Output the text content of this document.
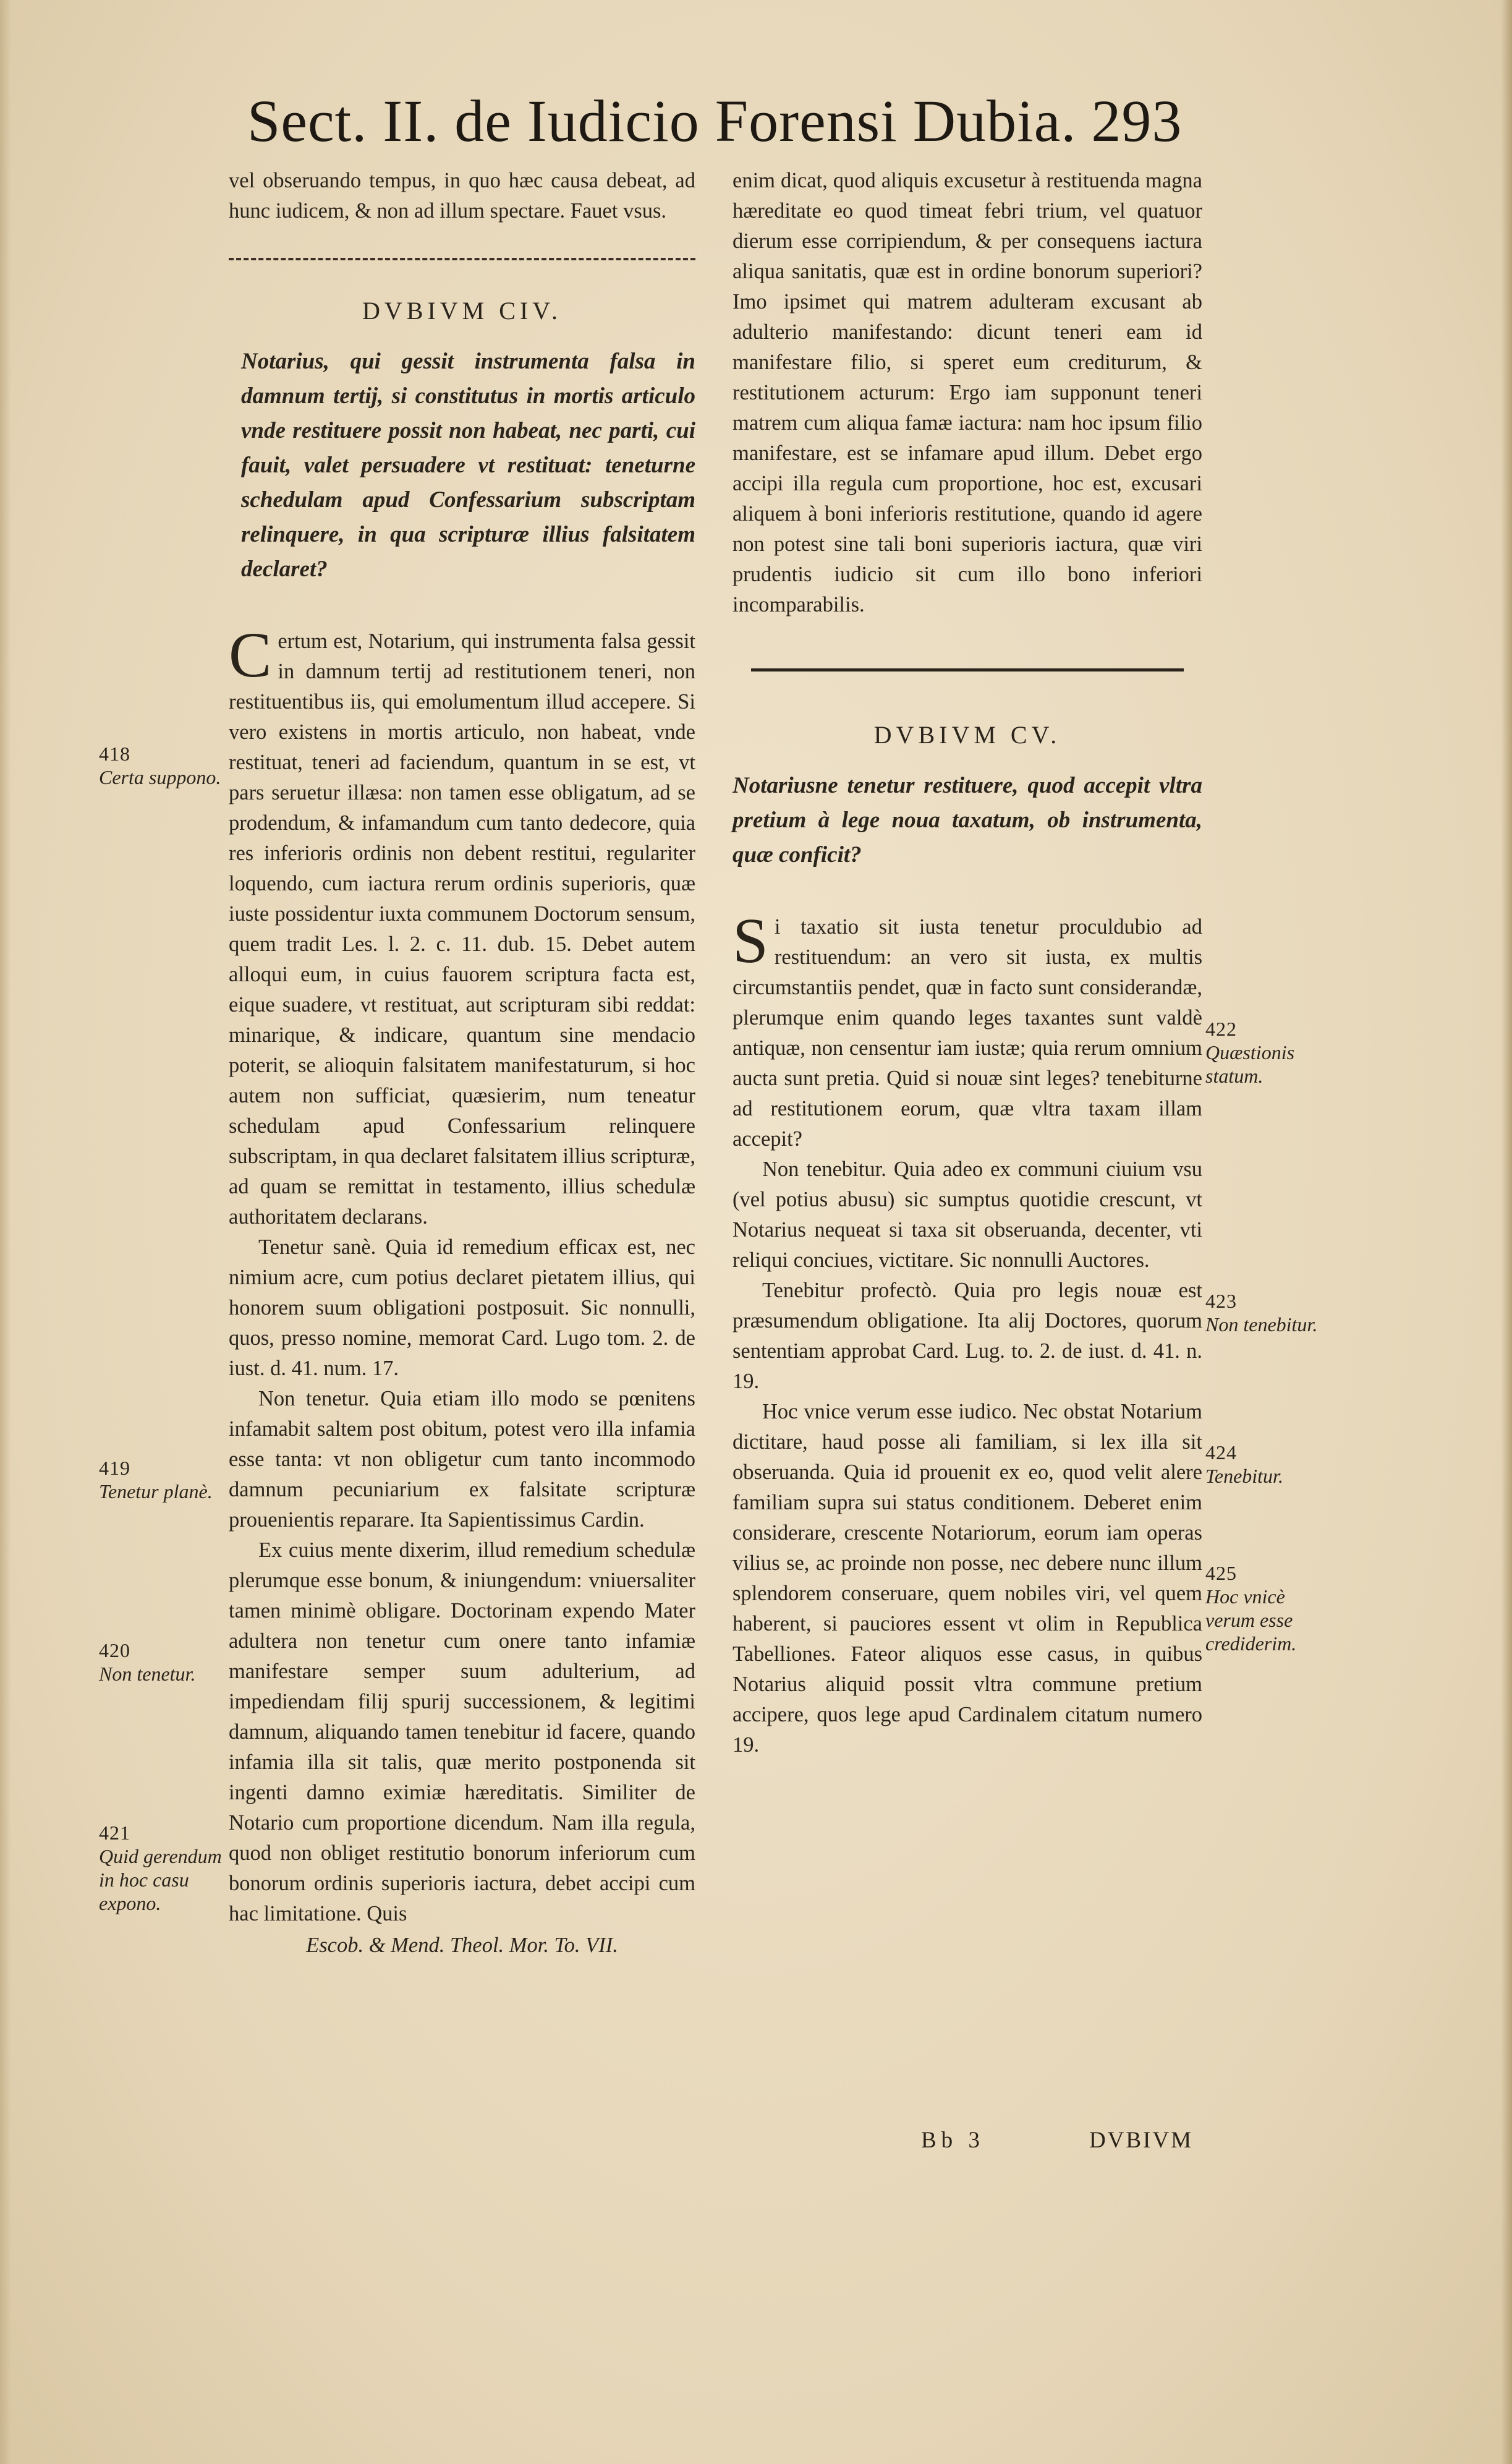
Sect. II. de Iudicio Forensi Dubia. 293

vel obseruando tempus, in quo hæc causa debeat, ad hunc iudicem, & non ad illum spectare. Fauet vsus.

DVBIVM CIV.

Notarius, qui gessit instrumenta falsa in damnum tertij, si constitutus in mortis articulo vnde restituere possit non habeat, nec parti, cui fauit, valet persuadere vt restituat: teneturne schedulam apud Confessarium subscriptam relinquere, in qua scripturæ illius falsitatem declaret?

Certum est, Notarium, qui instrumenta falsa gessit in damnum tertij ad restitutionem teneri, non restituentibus iis, qui emolumentum illud accepere. Si vero existens in mortis articulo, non habeat, vnde restituat, teneri ad faciendum, quantum in se est, vt pars seruetur illæsa: non tamen esse obligatum, ad se prodendum, & infamandum cum tanto dedecore, quia res inferioris ordinis non debent restitui, regulariter loquendo, cum iactura rerum ordinis superioris, quæ iuste possidentur iuxta communem Doctorum sensum, quem tradit Les. l. 2. c. 11. dub. 15. Debet autem alloqui eum, in cuius fauorem scriptura facta est, eique suadere, vt restituat, aut scripturam sibi reddat: minarique, & indicare, quantum sine mendacio poterit, se alioquin falsitatem manifestaturum, si hoc autem non sufficiat, quæsierim, num teneatur schedulam apud Confessarium relinquere subscriptam, in qua declaret falsitatem illius scripturæ, ad quam se remittat in testamento, illius schedulæ authoritatem declarans.

Tenetur sanè. Quia id remedium efficax est, nec nimium acre, cum potius declaret pietatem illius, qui honorem suum obligationi postposuit. Sic nonnulli, quos, presso nomine, memorat Card. Lugo tom. 2. de iust. d. 41. num. 17.

Non tenetur. Quia etiam illo modo se pœnitens infamabit saltem post obitum, potest vero illa infamia esse tanta: vt non obligetur cum tanto incommodo damnum pecuniarium ex falsitate scripturæ prouenientis reparare. Ita Sapientissimus Cardin.

Ex cuius mente dixerim, illud remedium schedulæ plerumque esse bonum, & iniungendum: vniuersaliter tamen minimè obligare. Doctorinam expendo Mater adultera non tenetur cum onere tanto infamiæ manifestare semper suum adulterium, ad impediendam filij spurij successionem, & legitimi damnum, aliquando tamen tenebitur id facere, quando infamia illa sit talis, quæ merito postponenda sit ingenti damno eximiæ hæreditatis. Similiter de Notario cum proportione dicendum. Nam illa regula, quod non obliget restitutio bonorum inferiorum cum bonorum ordinis superioris iactura, debet accipi cum hac limitatione. Quis

Escob. & Mend. Theol. Mor. To. VII.

enim dicat, quod aliquis excusetur à restituenda magna hæreditate eo quod timeat febri trium, vel quatuor dierum esse corripiendum, & per consequens iactura aliqua sanitatis, quæ est in ordine bonorum superiori? Imo ipsimet qui matrem adulteram excusant ab adulterio manifestando: dicunt teneri eam id manifestare filio, si speret eum crediturum, & restitutionem acturum: Ergo iam supponunt teneri matrem cum aliqua famæ iactura: nam hoc ipsum filio manifestare, est se infamare apud illum. Debet ergo accipi illa regula cum proportione, hoc est, excusari aliquem à boni inferioris restitutione, quando id agere non potest sine tali boni superioris iactura, quæ viri prudentis iudicio sit cum illo bono inferiori incomparabilis.

DVBIVM CV.

Notariusne tenetur restituere, quod accepit vltra pretium à lege noua taxatum, ob instrumenta, quæ conficit?

Si taxatio sit iusta tenetur proculdubio ad restituendum: an vero sit iusta, ex multis circumstantiis pendet, quæ in facto sunt considerandæ, plerumque enim quando leges taxantes sunt valdè antiquæ, non censentur iam iustæ; quia rerum omnium aucta sunt pretia. Quid si nouæ sint leges? tenebiturne ad restitutionem eorum, quæ vltra taxam illam accepit?

Non tenebitur. Quia adeo ex communi ciuium vsu (vel potius abusu) sic sumptus quotidie crescunt, vt Notarius nequeat si taxa sit obseruanda, decenter, vti reliqui conciues, victitare. Sic nonnulli Auctores.

Tenebitur profectò. Quia pro legis nouæ est præsumendum obligatione. Ita alij Doctores, quorum sententiam approbat Card. Lug. to. 2. de iust. d. 41. n. 19.

Hoc vnice verum esse iudico. Nec obstat Notarium dictitare, haud posse ali familiam, si lex illa sit obseruanda. Quia id prouenit ex eo, quod velit alere familiam supra sui status conditionem. Deberet enim considerare, crescente Notariorum, eorum iam operas vilius se, ac proinde non posse, nec debere nunc illum splendorem conseruare, quem nobiles viri, vel quem haberent, si pauciores essent vt olim in Republica Tabelliones. Fateor aliquos esse casus, in quibus Notarius aliquid possit vltra commune pretium accipere, quos lege apud Cardinalem citatum numero 19.

418
Certa suppono.
419
Tenetur planè.
420
Non tenetur.
421
Quid gerendum in hoc casu expono.
422
Quæstionis statum.
423
Non tenebitur.
424
Tenebitur.
425
Hoc vnicè verum esse crediderim.
Bb 3	DVBIVM
